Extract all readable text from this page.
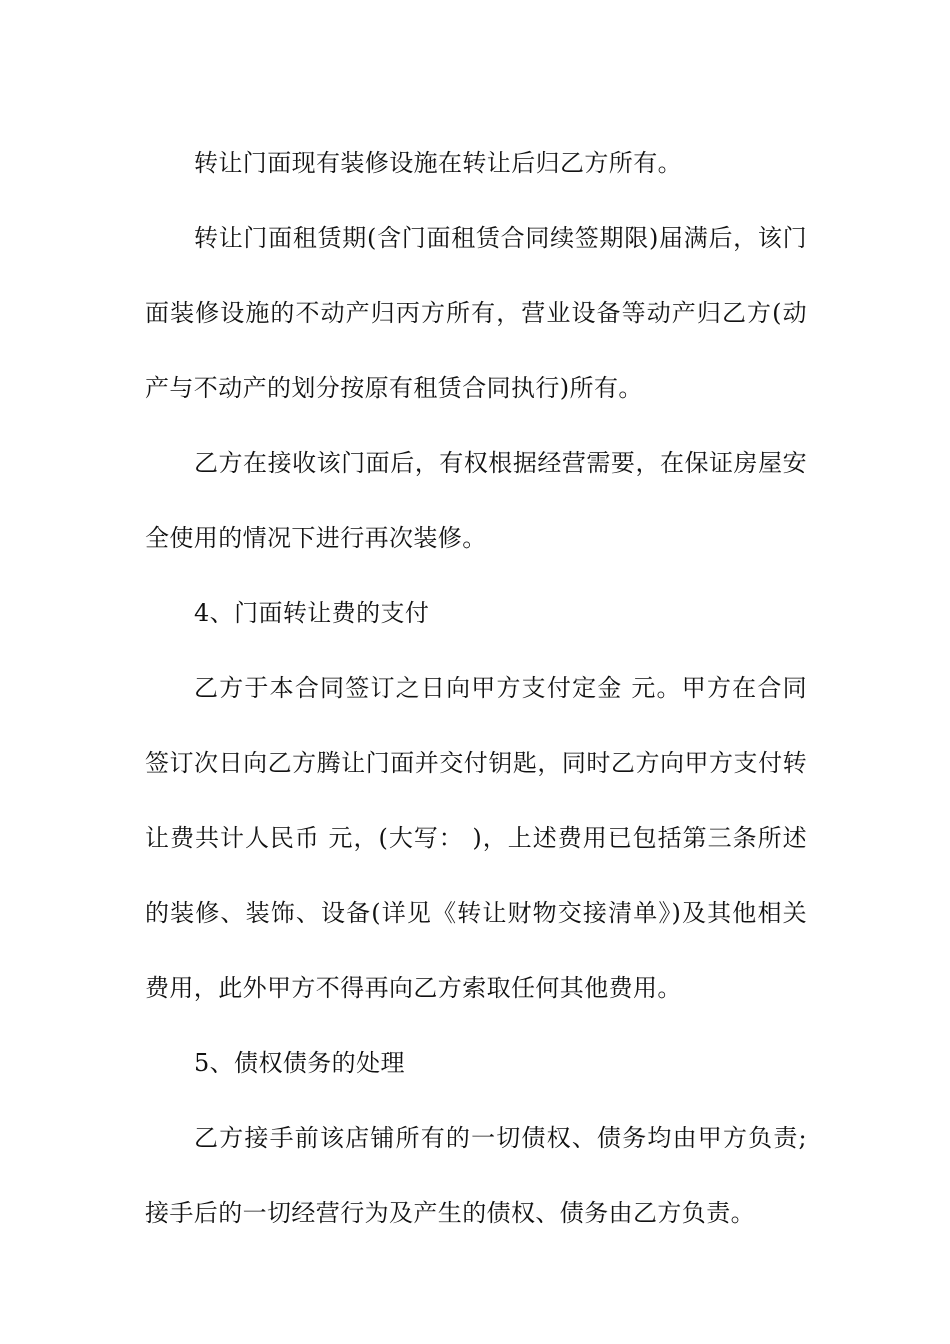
转让门面现有装修设施在转让后归乙方所有。

转让门面租赁期(含门面租赁合同续签期限)届满后，该门面装修设施的不动产归丙方所有，营业设备等动产归乙方(动产与不动产的划分按原有租赁合同执行)所有。

乙方在接收该门面后，有权根据经营需要，在保证房屋安全使用的情况下进行再次装修。

4、门面转让费的支付

乙方于本合同签订之日向甲方支付定金 元。甲方在合同签订次日向乙方腾让门面并交付钥匙，同时乙方向甲方支付转让费共计人民币 元，(大写： )，上述费用已包括第三条所述的装修、装饰、设备(详见《转让财物交接清单》)及其他相关费用，此外甲方不得再向乙方索取任何其他费用。

5、债权债务的处理

乙方接手前该店铺所有的一切债权、债务均由甲方负责;接手后的一切经营行为及产生的债权、债务由乙方负责。
